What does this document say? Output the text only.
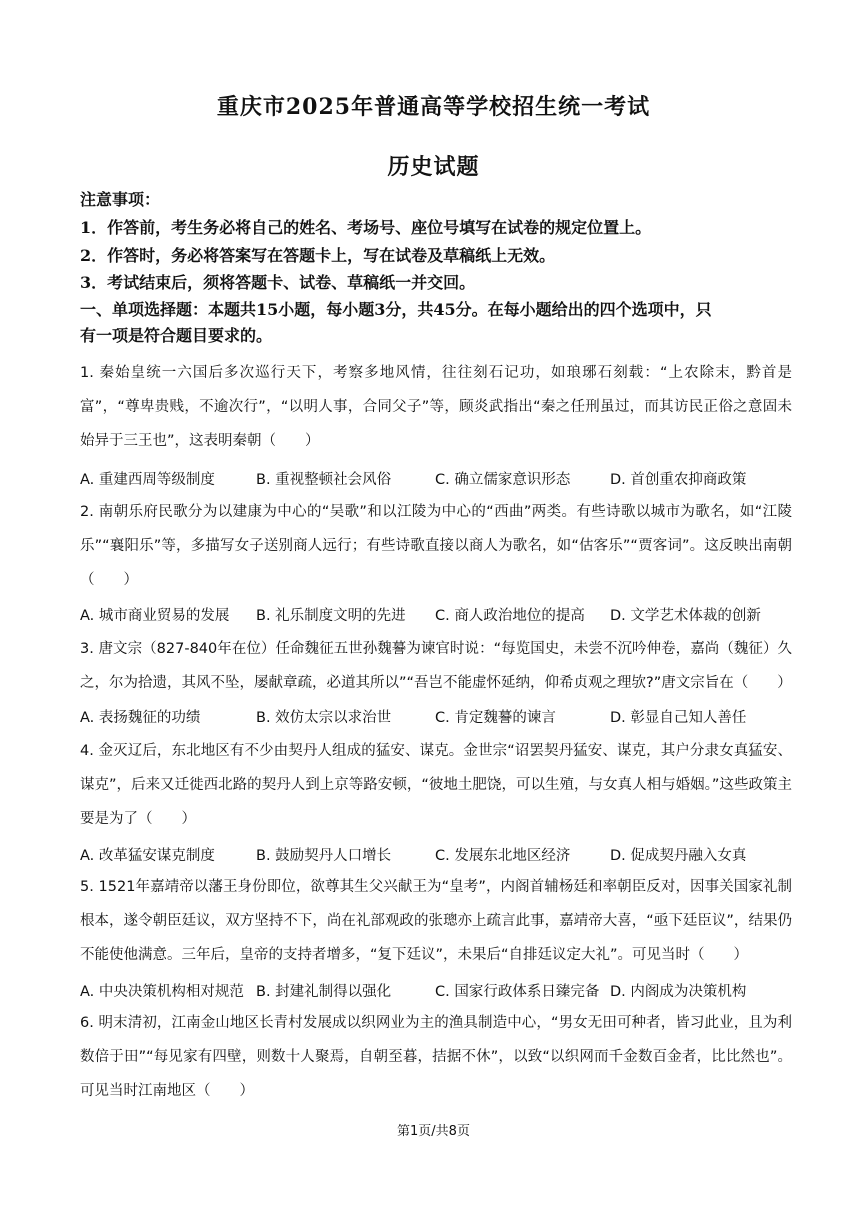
重庆市2025年普通高等学校招生统一考试
历史试题
注意事项：
1．作答前，考生务必将自己的姓名、考场号、座位号填写在试卷的规定位置上。
2．作答时，务必将答案写在答题卡上，写在试卷及草稿纸上无效。
3．考试结束后，须将答题卡、试卷、草稿纸一并交回。
一、单项选择题：本题共15小题，每小题3分，共45分。在每小题给出的四个选项中，只
有一项是符合题目要求的。
1. 秦始皇统一六国后多次巡行天下，考察多地风情，往往刻石记功，如琅琊石刻载：“上农除末，黔首是富”，“尊卑贵贱，不逾次行”，“以明人事，合同父子”等，顾炎武指出“秦之任刑虽过，而其访民正俗之意固未始异于三王也”，这表明秦朝（　　）
A. 重建西周等级制度	B. 重视整顿社会风俗	C. 确立儒家意识形态	D. 首创重农抑商政策
2. 南朝乐府民歌分为以建康为中心的“吴歌”和以江陵为中心的“西曲”两类。有些诗歌以城市为歌名，如“江陵乐”“襄阳乐”等，多描写女子送别商人远行；有些诗歌直接以商人为歌名，如“估客乐”“贾客词”。这反映出南朝（　　）
A. 城市商业贸易的发展 B. 礼乐制度文明的先进 C. 商人政治地位的提高 D. 文学艺术体裁的创新
3. 唐文宗（827-840年在位）任命魏征五世孙魏謩为谏官时说：“每览国史，未尝不沉吟伸卷，嘉尚（魏征）久之，尔为拾遗，其风不坠，屡献章疏，必道其所以”“吾岂不能虚怀延纳，仰希贞观之理欤?”唐文宗旨在（　　）
A. 表扬魏征的功绩	B. 效仿太宗以求治世	C. 肯定魏謩的谏言	D. 彰显自己知人善任
4. 金灭辽后，东北地区有不少由契丹人组成的猛安、谋克。金世宗“诏罢契丹猛安、谋克，其户分隶女真猛安、谋克”，后来又迁徙西北路的契丹人到上京等路安顿，“彼地土肥饶，可以生殖，与女真人相与婚姻。”这些政策主要是为了（　　）
A. 改革猛安谋克制度	B. 鼓励契丹人口增长	C. 发展东北地区经济	D. 促成契丹融入女真
5. 1521年嘉靖帝以藩王身份即位，欲尊其生父兴献王为“皇考”，内阁首辅杨廷和率朝臣反对，因事关国家礼制根本，遂令朝臣廷议，双方坚持不下，尚在礼部观政的张璁亦上疏言此事，嘉靖帝大喜，“亟下廷臣议”，结果仍不能使他满意。三年后，皇帝的支持者增多，“复下廷议”，未果后“自排廷议定大礼”。可见当时（　　）
A. 中央决策机构相对规范 B. 封建礼制得以强化	C. 国家行政体系日臻完备 D. 内阁成为决策机构
6. 明末清初，江南金山地区长青村发展成以织网业为主的渔具制造中心，“男女无田可种者，皆习此业，且为利数倍于田”“每见家有四壁，则数十人聚焉，自朝至暮，拮据不休”，以致“以织网而千金数百金者，比比然也”。可见当时江南地区（　　）
第1页/共8页
